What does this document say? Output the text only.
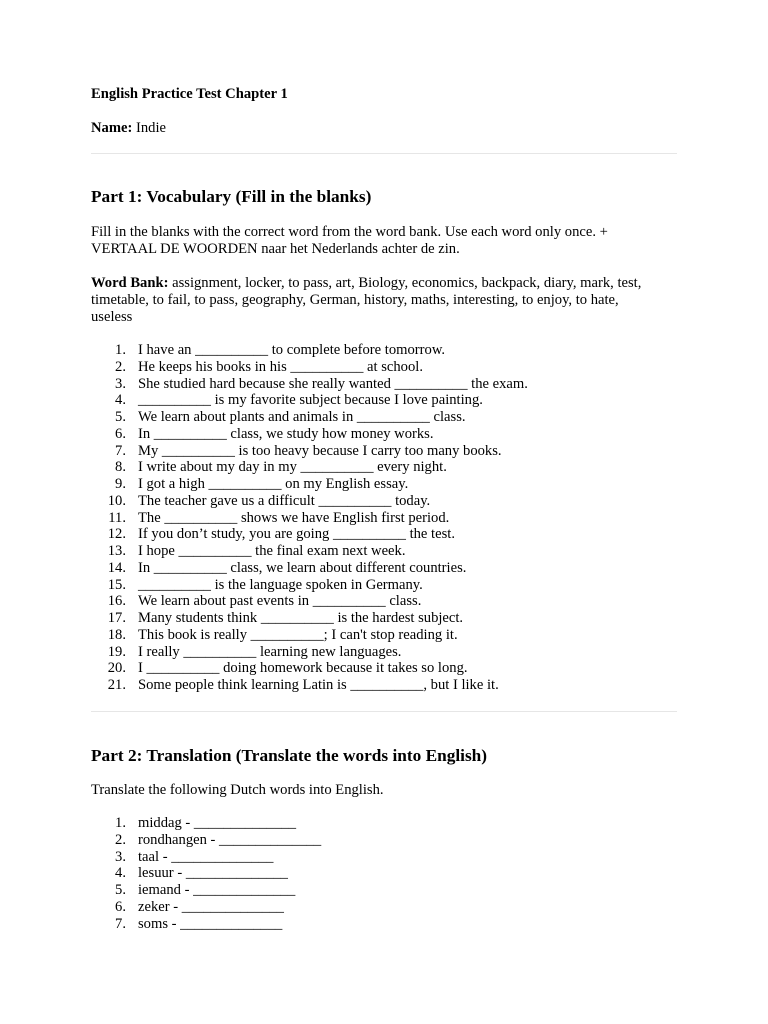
English Practice Test Chapter 1

Name: Indie

Part 1: Vocabulary (Fill in the blanks)

Fill in the blanks with the correct word from the word bank. Use each word only once. + VERTAAL DE WOORDEN naar het Nederlands achter de zin.

Word Bank: assignment, locker, to pass, art, Biology, economics, backpack, diary, mark, test, timetable, to fail, to pass, geography, German, history, maths, interesting, to enjoy, to hate, useless

1. I have an __________ to complete before tomorrow.
2. He keeps his books in his __________ at school.
3. She studied hard because she really wanted __________ the exam.
4. __________ is my favorite subject because I love painting.
5. We learn about plants and animals in __________ class.
6. In __________ class, we study how money works.
7. My __________ is too heavy because I carry too many books.
8. I write about my day in my __________ every night.
9. I got a high __________ on my English essay.
10. The teacher gave us a difficult __________ today.
11. The __________ shows we have English first period.
12. If you don’t study, you are going __________ the test.
13. I hope __________ the final exam next week.
14. In __________ class, we learn about different countries.
15. __________ is the language spoken in Germany.
16. We learn about past events in __________ class.
17. Many students think __________ is the hardest subject.
18. This book is really __________; I can't stop reading it.
19. I really __________ learning new languages.
20. I __________ doing homework because it takes so long.
21. Some people think learning Latin is __________, but I like it.

Part 2: Translation (Translate the words into English)

Translate the following Dutch words into English.

1. middag - ______________
2. rondhangen - ______________
3. taal - ______________
4. lesuur - ______________
5. iemand - ______________
6. zeker - ______________
7. soms - ______________
